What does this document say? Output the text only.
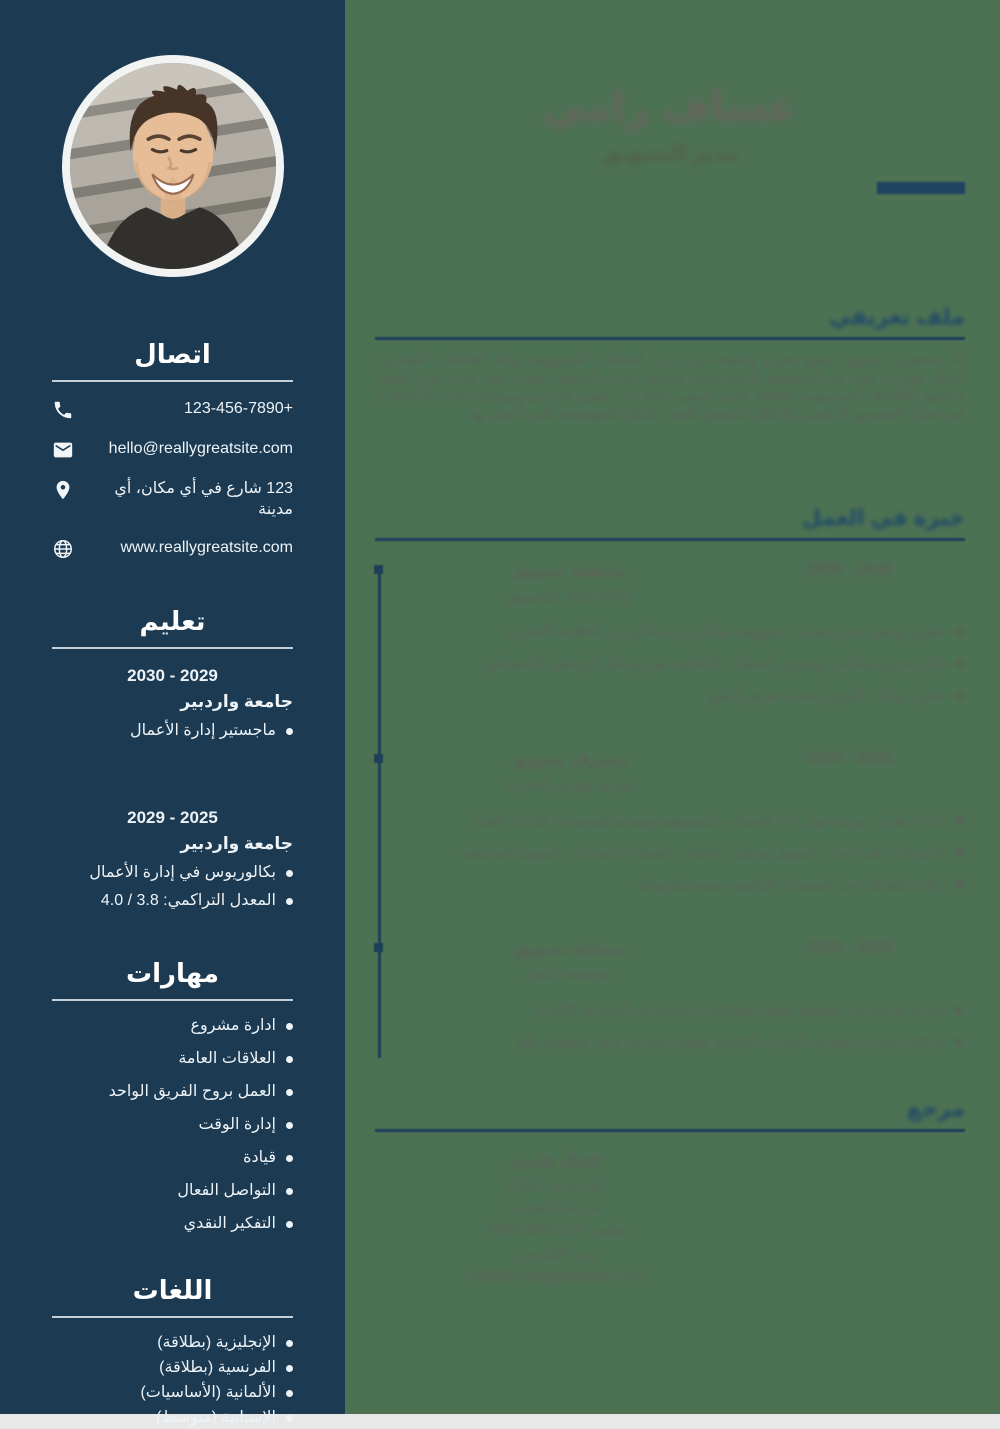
عساف رامي
مدير التسويق
ملف تعريفي

أنا متخصص تسويق يتمتع بخبرة واسعة في إدارة الحملات التسويقية وبناء العلامات التجارية، أمتلك مهارات قوية في التخطيط الاستراتيجي وتحليل بيانات السوق، وقادر على قيادة فرق العمل وتحقيق الأهداف المرسومة بكفاءة عالية، أسعى دائماً إلى تطوير قدراتي ومواكبة أحدث الاتجاهات في مجال التسويق الرقمي والإعلان لتحقيق أفضل النتائج للمؤسسة التي أعمل بها.

خبرة في العمل
2028 - 2030
مخطط تسويق
وكالة إنجاز للتسويق
تطوير وتنفيذ استراتيجيات تسويقية مبتكرة لزيادة الوعي بالعلامة التجارية
إدارة فريق متكامل وتنسيق الحملات الإعلانية عبر وسائل التواصل الاجتماعي
تحليل بيانات السوق لتحديد فرص النمو
2025 - 2028
مشرف تسويق
شركة فوديل للتجارة
إعداد تقارير دورية حول أداء الحملات التسويقية وتقديم التوصيات للإدارة العليا
الإشراف على أبحاث السوق وتحليل اتجاهات العملاء واحتياجات السوق المختلفة
زيادة التفاعل عبر المنصات الرقمية بنسبة ملحوظة
2023 - 2025
مساعد تسويق
مؤسسة ليمار
تقديم الدعم في تخطيط وتنفيذ الفعاليات والمعارض التجارية الكبرى
مراقبة وتحديث قواعد البيانات الخاصة بعملاء الشركة بدقة واهتمام بالغ
مرجع
إقبال فارس
أول مدير أعمال
شركة التقنيات
هاتف: 123-456-7890
بريد إلكتروني: hello@reallygreatsite.com
اتصال
+123-456-7890
hello@reallygreatsite.com
123 شارع في أي مكان، أي مدينة
www.reallygreatsite.com
تعليم
2029 - 2030
جامعة واردبير
ماجستير إدارة الأعمال
2025 - 2029
جامعة واردبير
بكالوريوس في إدارة الأعمال
المعدل التراكمي: 3.8 / 4.0
مهارات
ادارة مشروع
العلاقات العامة
العمل بروح الفريق الواحد
إدارة الوقت
قيادة
التواصل الفعال
التفكير النقدي
اللغات
الإنجليزية (بطلاقة)
الفرنسية (بطلاقة)
الألمانية (الأساسيات)
الإسبانية (متوسط)
